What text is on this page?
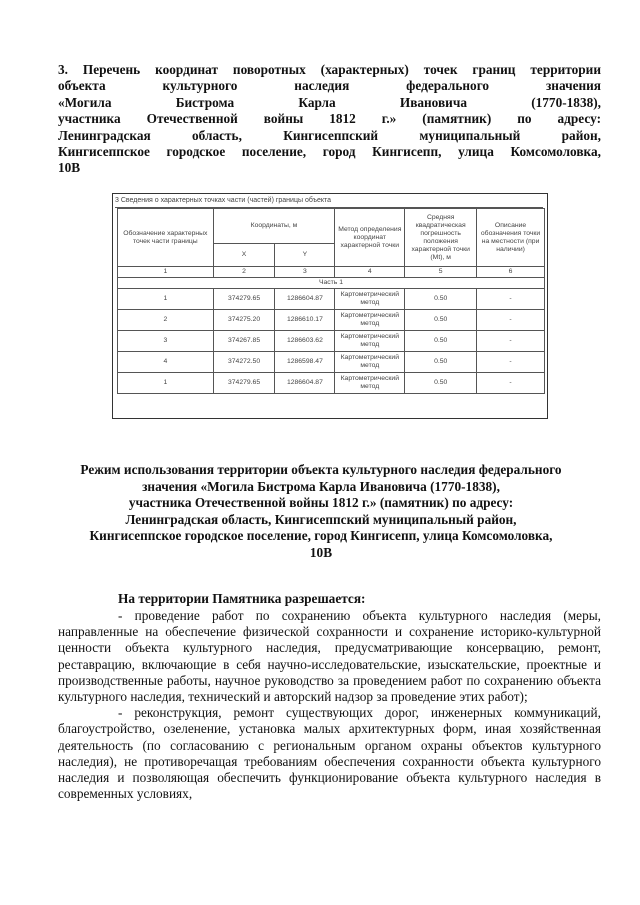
3. Перечень координат поворотных (характерных) точек границ территории
объекта культурного наследия федерального значения
«Могила Бистрома Карла Ивановича (1770-1838),
участника Отечественной войны 1812 г.» (памятник) по адресу:
Ленинградская область, Кингисеппский муниципальный район,
Кингисеппское городское поселение, город Кингисепп, улица Комсомоловка,
10В
3 Сведения о характерных точках части (частей) границы объекта
Обозначение характерных точек части границы	Координаты, м		Метод определения координат характерной точки	Средняя квадратическая погрешность положения характерной точки (Mt), м	Описание обозначения точки на местности (при наличии)
	X	Y			
1	2	3	4	5	6
Часть 1					
1	374279.65	1286604.87	Картометрический метод	0.50	-
2	374275.20	1286610.17	Картометрический метод	0.50	-
3	374267.85	1286603.62	Картометрический метод	0.50	-
4	374272.50	1286598.47	Картометрический метод	0.50	-
1	374279.65	1286604.87	Картометрический метод	0.50	-
Режим использования территории объекта культурного наследия федерального
значения «Могила Бистрома Карла Ивановича (1770-1838),
участника Отечественной войны 1812 г.» (памятник) по адресу:
Ленинградская область, Кингисеппский муниципальный район,
Кингисеппское городское поселение, город Кингисепп, улица Комсомоловка,
10В
На территории Памятника разрешается:

- проведение работ по сохранению объекта культурного наследия (меры, направленные на обеспечение физической сохранности и сохранение историко-культурной ценности объекта культурного наследия, предусматривающие консервацию, ремонт, реставрацию, включающие в себя научно-исследовательские, изыскательские, проектные и производственные работы, научное руководство за проведением работ по сохранению объекта культурного наследия, технический и авторский надзор за проведение этих работ);

- реконструкция, ремонт существующих дорог, инженерных коммуникаций, благоустройство, озеленение, установка малых архитектурных форм, иная хозяйственная деятельность (по согласованию с региональным органом охраны объектов культурного наследия), не противоречащая требованиям обеспечения сохранности объекта культурного наследия и позволяющая обеспечить функционирование объекта культурного наследия в современных условиях,
